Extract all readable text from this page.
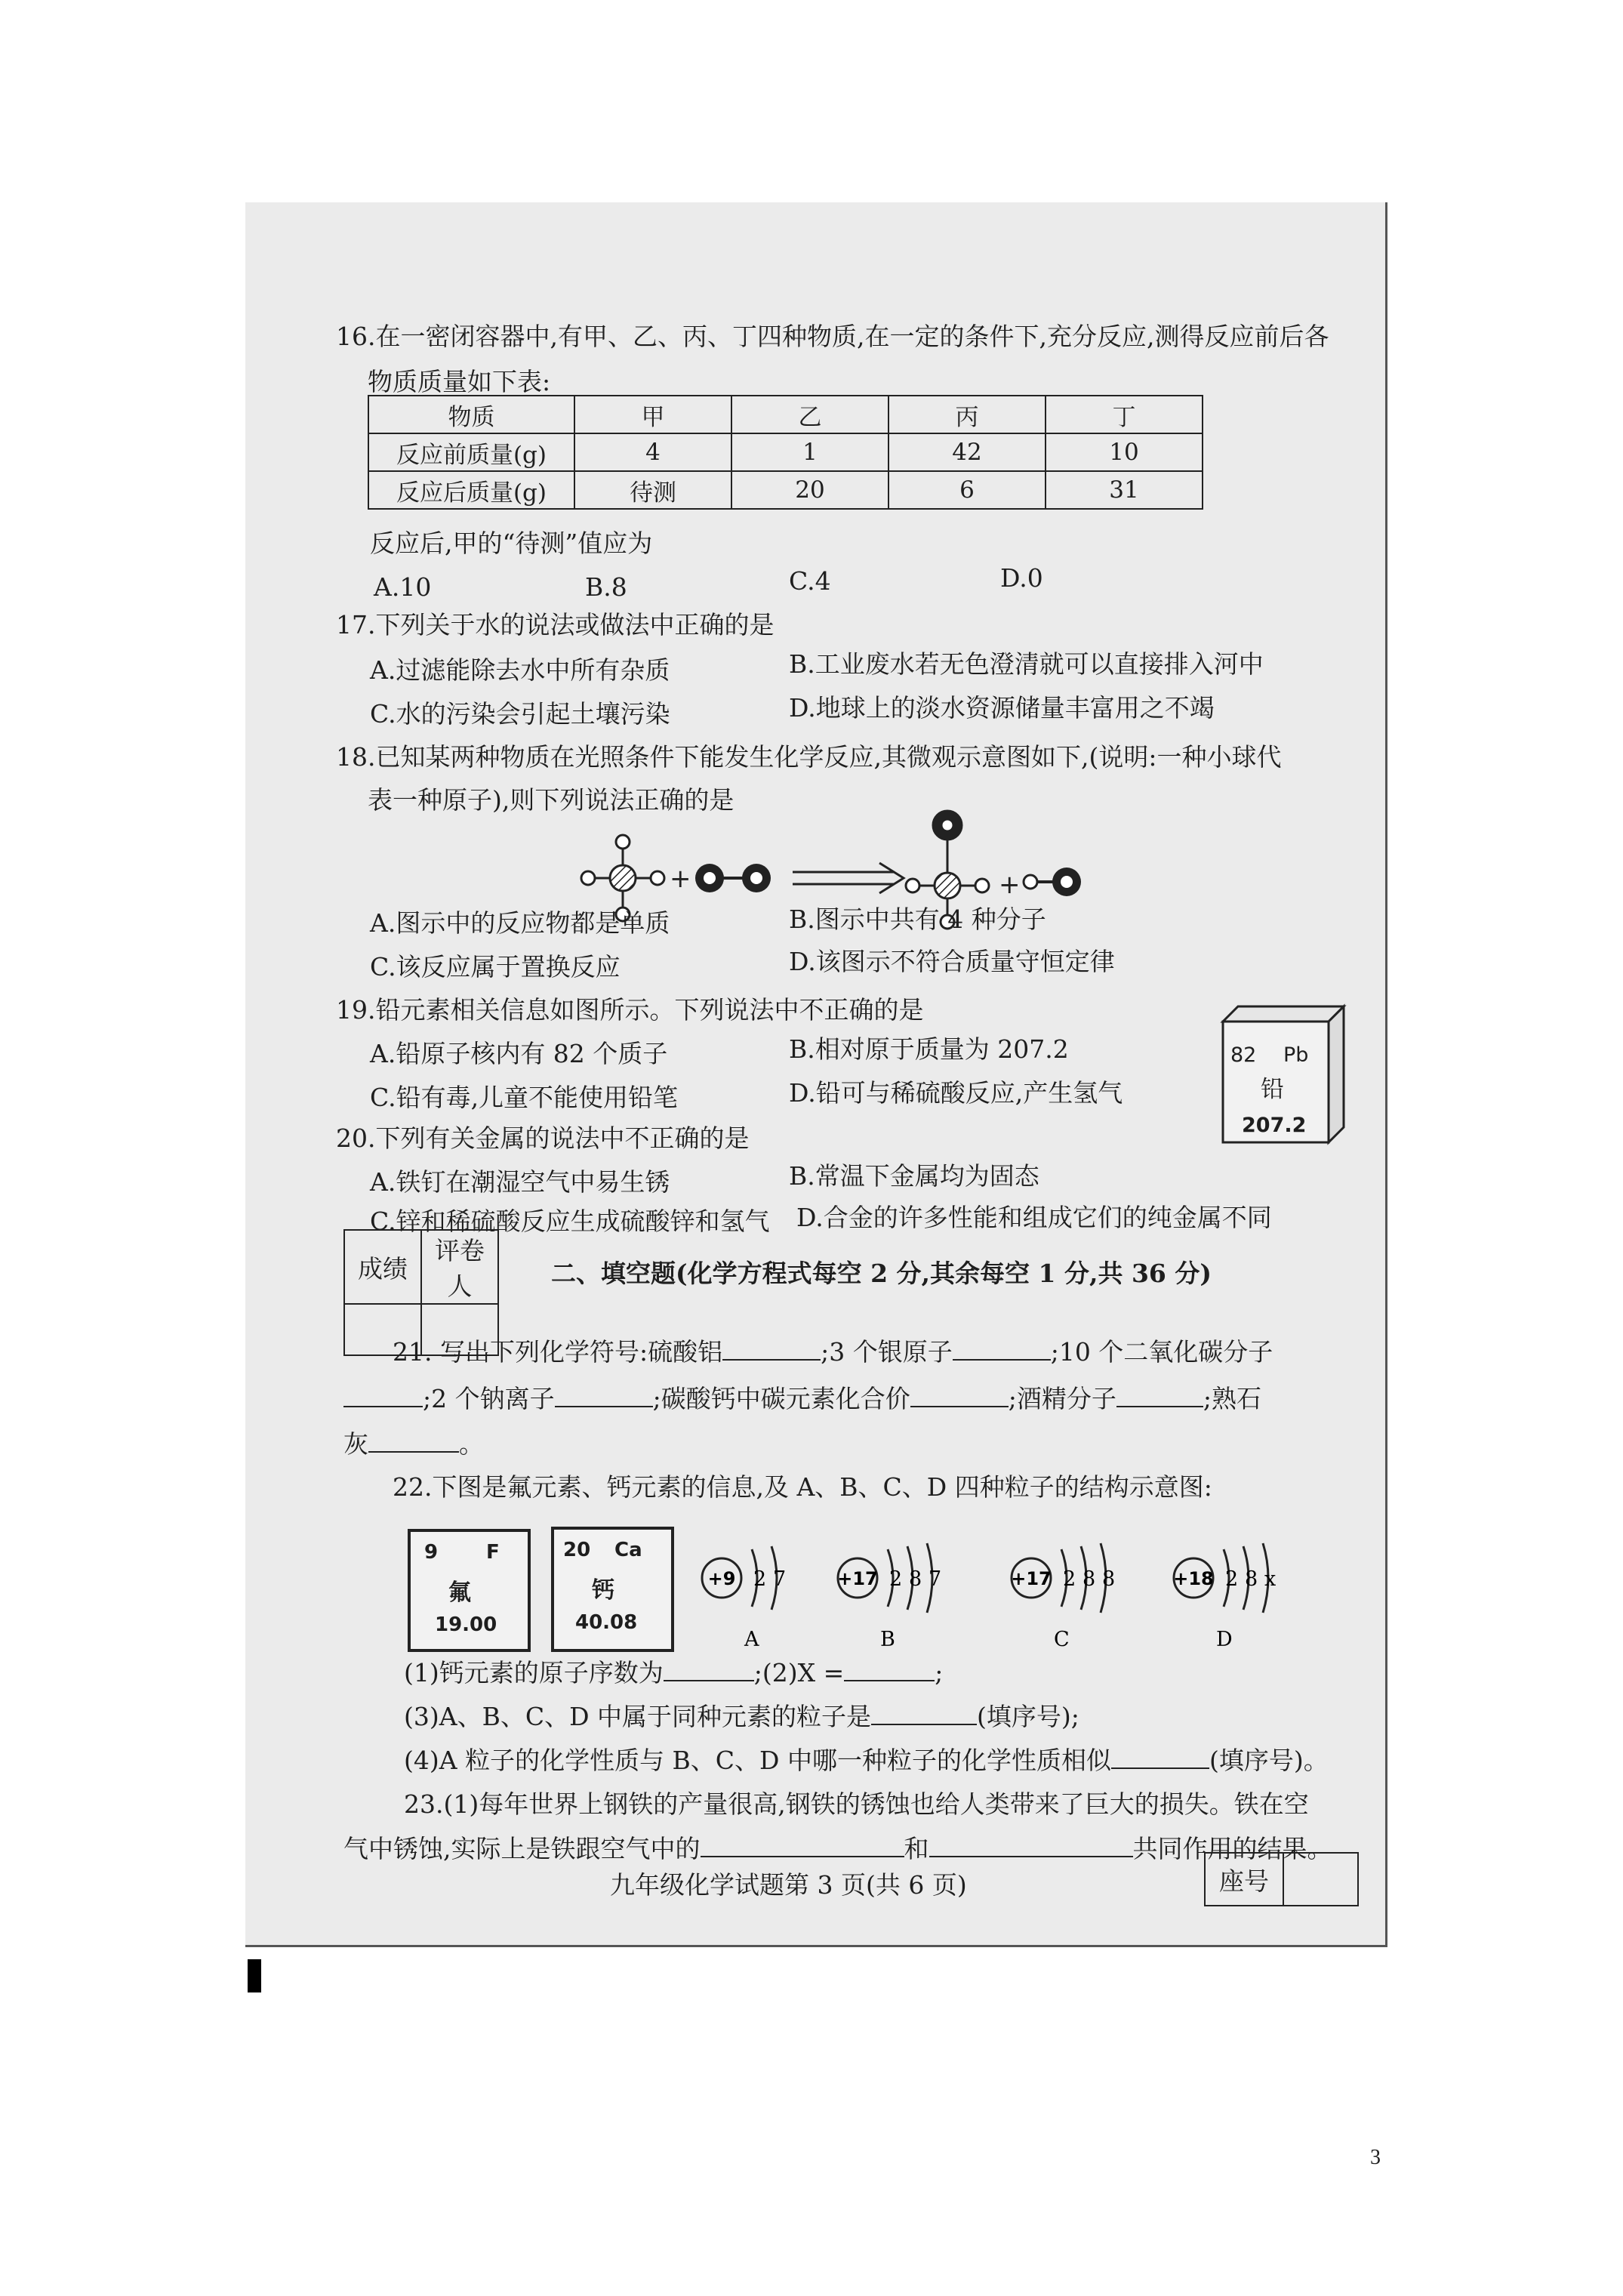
16.在一密闭容器中,有甲、乙、丙、丁四种物质,在一定的条件下,充分反应,测得反应前后各
物质质量如下表:
物质	甲	乙	丙	丁
反应前质量(g)	4	1	42	10
反应后质量(g)	待测	20	6	31
反应后,甲的“待测”值应为
A.10	B.8	C.4	D.0
17.下列关于水的说法或做法中正确的是
A.过滤能除去水中所有杂质	B.工业废水若无色澄清就可以直接排入河中
C.水的污染会引起土壤污染	D.地球上的淡水资源储量丰富用之不竭
18.已知某两种物质在光照条件下能发生化学反应,其微观示意图如下,(说明:一种小球代
表一种原子),则下列说法正确的是
+	+
A.图示中的反应物都是单质	B.图示中共有 4 种分子
C.该反应属于置换反应	D.该图示不符合质量守恒定律
19.铅元素相关信息如图所示。下列说法中不正确的是
A.铅原子核内有 82 个质子	B.相对原于质量为 207.2
C.铅有毒,儿童不能使用铅笔	D.铅可与稀硫酸反应,产生氢气
82 Pb
铅
207.2
20.下列有关金属的说法中不正确的是
A.铁钉在潮湿空气中易生锈	B.常温下金属均为固态
C.锌和稀硫酸反应生成硫酸锌和氢气 D.合金的许多性能和组成它们的纯金属不同
成绩	评卷人
		二、填空题(化学方程式每空 2 分,其余每空 1 分,共 36 分)
21. 写出下列化学符号:硫酸铝	;3 个银原子	;10 个二氧化碳分子
;2 个钠离子	;碳酸钙中碳元素化合价	;酒精分子	;熟石
灰	。
22.下图是氟元素、钙元素的信息,及 A、B、C、D 四种粒子的结构示意图:
9 F
氟
19.00
20 Ca
钙
40.08
+9 2 7
A
+17 2 8 7
B
+17 2 8 8
C
+18 2 8 x
D
(1)钙元素的原子序数为	;(2)X =	;
(3)A、B、C、D 中属于同种元素的粒子是	(填序号);
(4)A 粒子的化学性质与 B、C、D 中哪一种粒子的化学性质相似	(填序号)。
23.(1)每年世界上钢铁的产量很高,钢铁的锈蚀也给人类带来了巨大的损失。铁在空
气中锈蚀,实际上是铁跟空气中的	和	共同作用的结果。
九年级化学试题第 3 页(共 6 页)	座号	
3
